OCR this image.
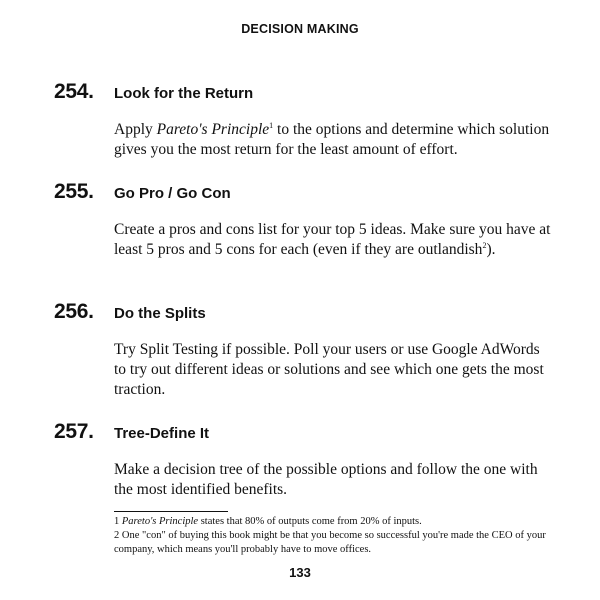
DECISION MAKING
254.	Look for the Return
Apply Pareto's Principle$^1$ to the options and determine which solution gives you the most return for the least amount of effort.
255.	Go Pro / Go Con
Create a pros and cons list for your top 5 ideas. Make sure you have at least 5 pros and 5 cons for each (even if they are outlandish$^2$).
256.	Do the Splits
Try Split Testing if possible. Poll your users or use Google AdWords to try out different ideas or solutions and see which one gets the most traction.
257.	Tree-Define It
Make a decision tree of the possible options and follow the one with the most identified benefits.
1 Pareto's Principle states that 80% of outputs come from 20% of inputs.
2 One "con" of buying this book might be that you become so successful you're made the CEO of your company, which means you'll probably have to move offices.
133
